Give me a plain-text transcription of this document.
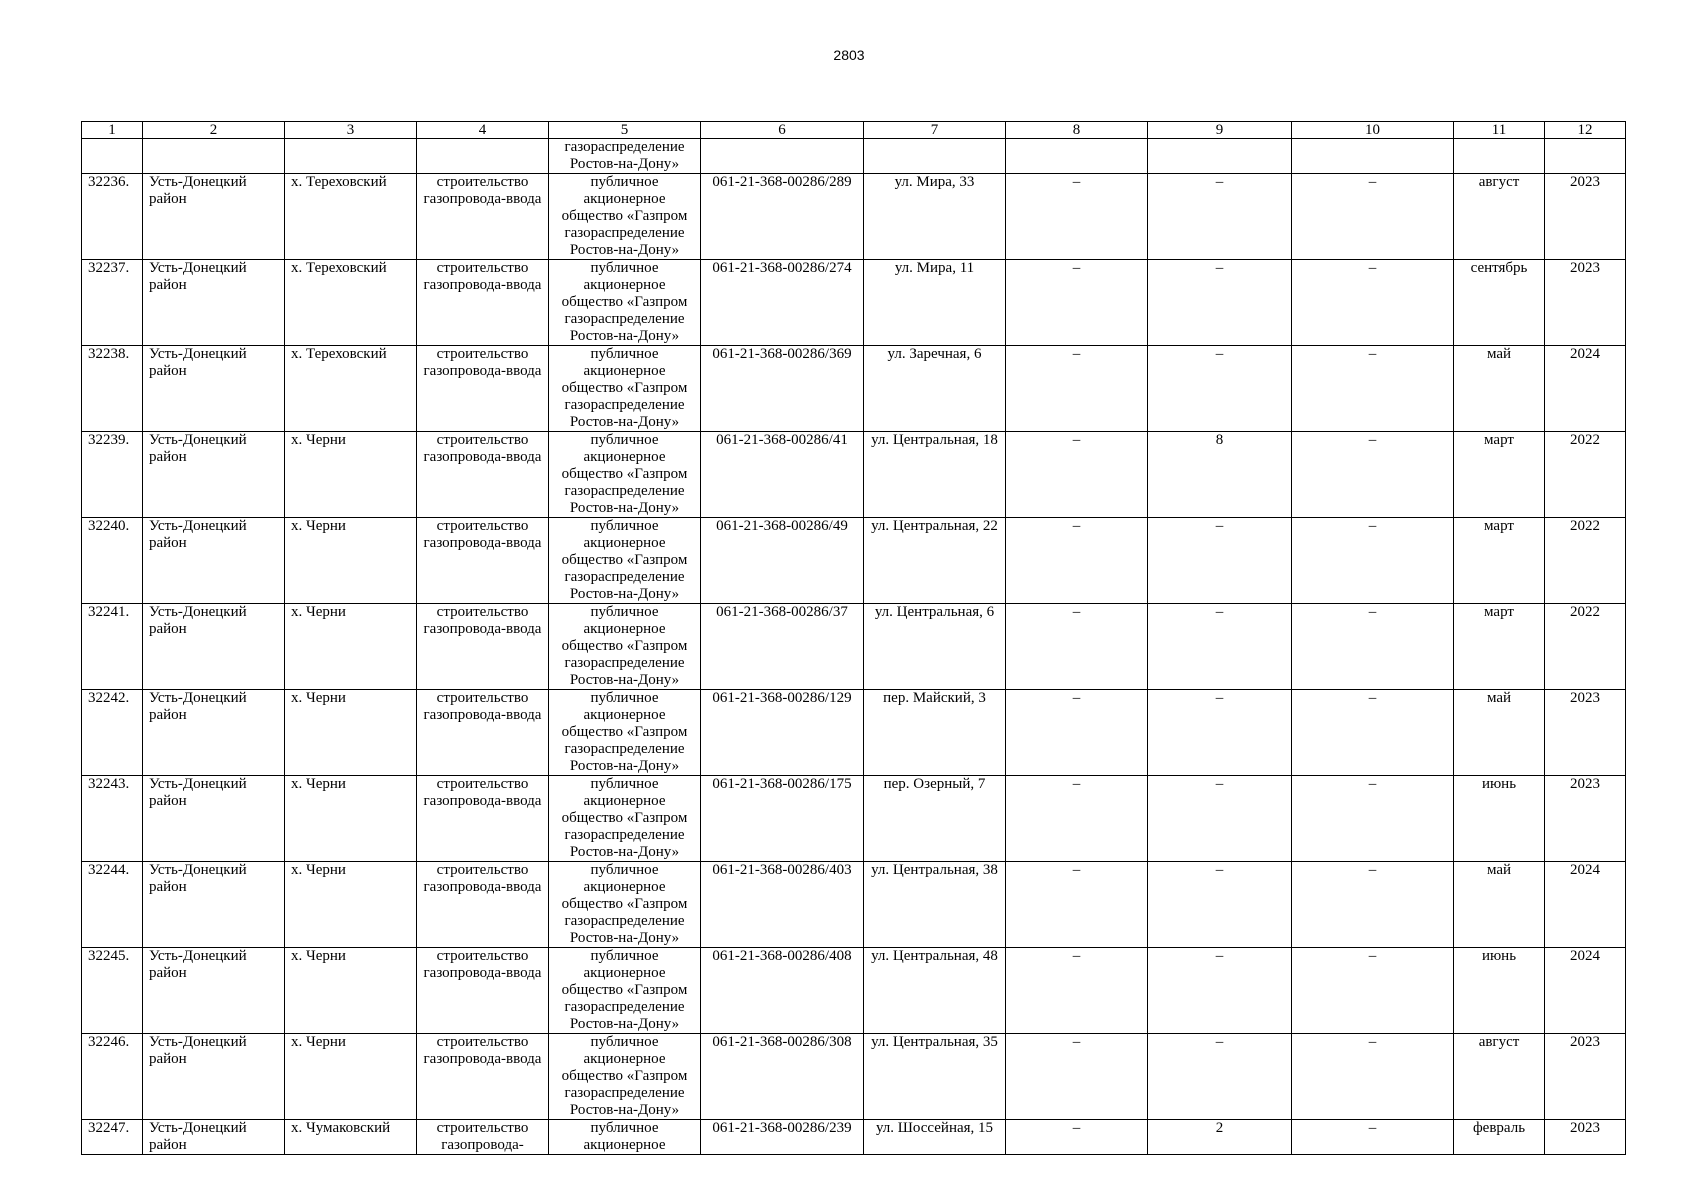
2803
1	2	3	4	5	6	7	8	9	10	11	12
				газораспределение Ростов-на-Дону»							
32236.	Усть-Донецкий район	х. Тереховский	строительство газопровода-ввода	публичное акционерное общество «Газпром газораспределение Ростов-на-Дону»	061-21-368-00286/289	ул. Мира, 33	–	–	–	август	2023
32237.	Усть-Донецкий район	х. Тереховский	строительство газопровода-ввода	публичное акционерное общество «Газпром газораспределение Ростов-на-Дону»	061-21-368-00286/274	ул. Мира, 11	–	–	–	сентябрь	2023
32238.	Усть-Донецкий район	х. Тереховский	строительство газопровода-ввода	публичное акционерное общество «Газпром газораспределение Ростов-на-Дону»	061-21-368-00286/369	ул. Заречная, 6	–	–	–	май	2024
32239.	Усть-Донецкий район	х. Черни	строительство газопровода-ввода	публичное акционерное общество «Газпром газораспределение Ростов-на-Дону»	061-21-368-00286/41	ул. Центральная, 18	–	8	–	март	2022
32240.	Усть-Донецкий район	х. Черни	строительство газопровода-ввода	публичное акционерное общество «Газпром газораспределение Ростов-на-Дону»	061-21-368-00286/49	ул. Центральная, 22	–	–	–	март	2022
32241.	Усть-Донецкий район	х. Черни	строительство газопровода-ввода	публичное акционерное общество «Газпром газораспределение Ростов-на-Дону»	061-21-368-00286/37	ул. Центральная, 6	–	–	–	март	2022
32242.	Усть-Донецкий район	х. Черни	строительство газопровода-ввода	публичное акционерное общество «Газпром газораспределение Ростов-на-Дону»	061-21-368-00286/129	пер. Майский, 3	–	–	–	май	2023
32243.	Усть-Донецкий район	х. Черни	строительство газопровода-ввода	публичное акционерное общество «Газпром газораспределение Ростов-на-Дону»	061-21-368-00286/175	пер. Озерный, 7	–	–	–	июнь	2023
32244.	Усть-Донецкий район	х. Черни	строительство газопровода-ввода	публичное акционерное общество «Газпром газораспределение Ростов-на-Дону»	061-21-368-00286/403	ул. Центральная, 38	–	–	–	май	2024
32245.	Усть-Донецкий район	х. Черни	строительство газопровода-ввода	публичное акционерное общество «Газпром газораспределение Ростов-на-Дону»	061-21-368-00286/408	ул. Центральная, 48	–	–	–	июнь	2024
32246.	Усть-Донецкий район	х. Черни	строительство газопровода-ввода	публичное акционерное общество «Газпром газораспределение Ростов-на-Дону»	061-21-368-00286/308	ул. Центральная, 35	–	–	–	август	2023
32247.	Усть-Донецкий район	х. Чумаковский	строительство газопровода-	публичное акционерное	061-21-368-00286/239	ул. Шоссейная, 15	–	2	–	февраль	2023
